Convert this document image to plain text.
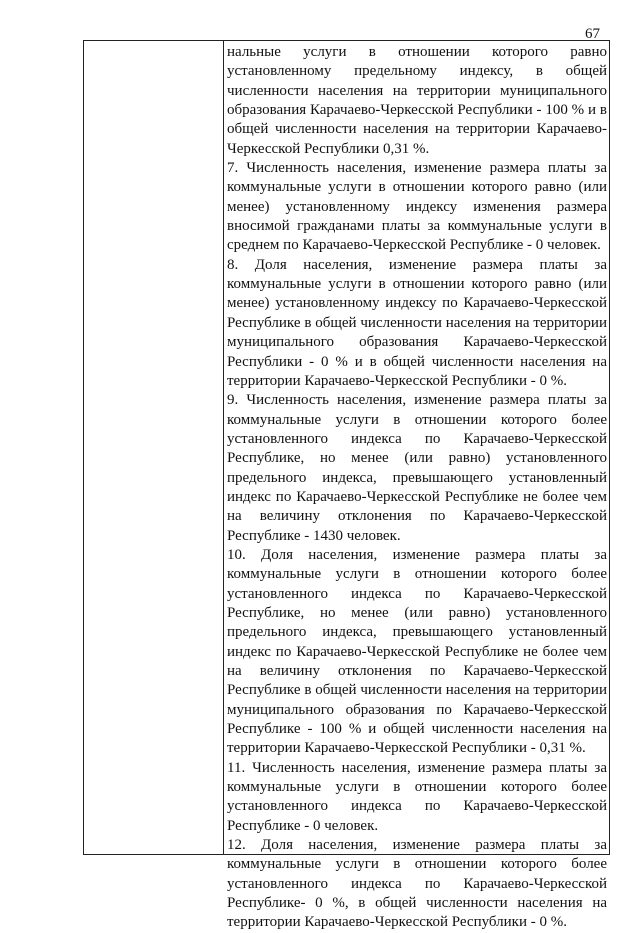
67

нальные услуги в отношении которого равно установленному предельному индексу, в общей численности населения на территории муниципального образования Карачаево-Черкесской Республики - 100 % и в общей численности населения на территории Карачаево-Черкесской Республики 0,31 %.

7. Численность населения, изменение размера платы за коммунальные услуги в отношении которого равно (или менее) установленному индексу изменения размера вносимой гражданами платы за коммунальные услуги в среднем по Карачаево-Черкесской Республике - 0 человек.

8. Доля населения, изменение размера платы за коммунальные услуги в отношении которого равно (или менее) установленному индексу по Карачаево-Черкесской Республике в общей численности населения на территории муниципального образования Карачаево-Черкесской Республики - 0 % и в общей численности населения на территории Карачаево-Черкесской Республики - 0 %.

9. Численность населения, изменение размера платы за коммунальные услуги в отношении которого более установленного индекса по Карачаево-Черкесской Республике, но менее (или равно) установленного предельного индекса, превышающего установленный индекс по Карачаево-Черкесской Республике не более чем на величину отклонения по Карачаево-Черкесской Республике - 1430 человек.

10. Доля населения, изменение размера платы за коммунальные услуги в отношении которого более установленного индекса по Карачаево-Черкесской Республике, но менее (или равно) установленного предельного индекса, превышающего установленный индекс по Карачаево-Черкесской Республике не более чем на величину отклонения по Карачаево-Черкесской Республике в общей численности населения на территории муниципального образования по Карачаево-Черкесской Республике - 100 % и общей численности населения на территории Карачаево-Черкесской Республики - 0,31 %.

11. Численность населения, изменение размера платы за коммунальные услуги в отношении которого более установленного индекса по Карачаево-Черкесской Республике - 0 человек.

12. Доля населения, изменение размера платы за коммунальные услуги в отношении которого более установленного индекса по Карачаево-Черкесской Республике- 0 %, в общей численности населения на территории Карачаево-Черкесской Республики - 0 %.
